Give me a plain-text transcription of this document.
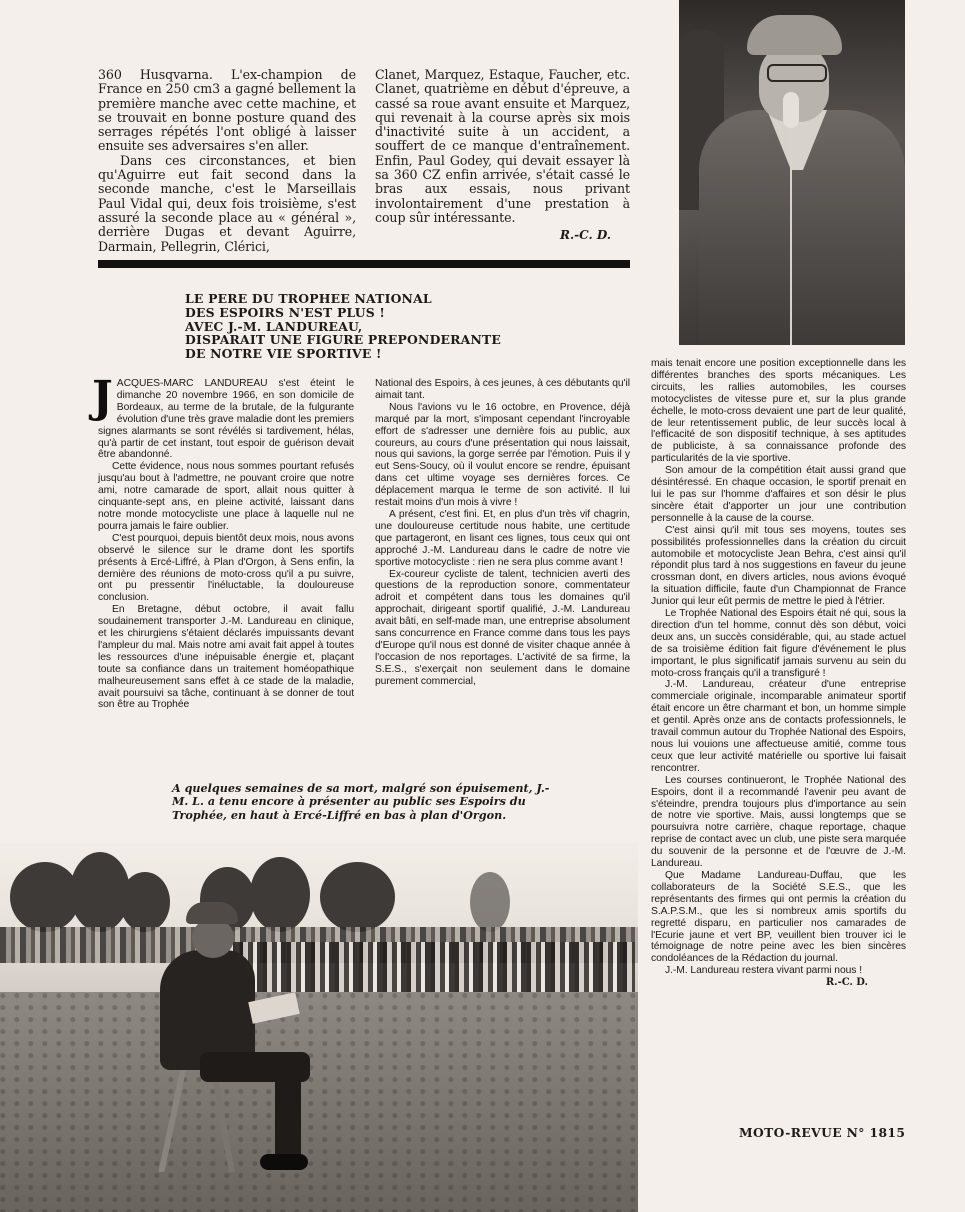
360 Husqvarna. L'ex-champion de France en 250 cm3 a gagné bellement la première manche avec cette machine, et se trouvait en bonne posture quand des serrages répétés l'ont obligé à laisser ensuite ses adversaires s'en aller.

Dans ces circonstances, et bien qu'Aguirre eut fait second dans la seconde manche, c'est le Marseillais Paul Vidal qui, deux fois troisième, s'est assuré la seconde place au « général », derrière Dugas et devant Aguirre, Darmain, Pellegrin, Clérici,

Clanet, Marquez, Estaque, Faucher, etc. Clanet, quatrième en début d'épreuve, a cassé sa roue avant ensuite et Marquez, qui revenait à la course après six mois d'inactivité suite à un accident, a souffert de ce manque d'entraînement. Enfin, Paul Godey, qui devait essayer là sa 360 CZ enfin arrivée, s'était cassé le bras aux essais, nous privant involontairement d'une prestation à coup sûr intéressante.

R.-C. D.
LE PERE DU TROPHEE NATIONAL
DES ESPOIRS N'EST PLUS !
AVEC J.-M. LANDUREAU,
DISPARAIT UNE FIGURE PREPONDERANTE
DE NOTRE VIE SPORTIVE !

JACQUES-MARC LANDUREAU s'est éteint le dimanche 20 novembre 1966, en son domicile de Bordeaux, au terme de la brutale, de la fulgurante évolution d'une très grave maladie dont les premiers signes alarmants se sont révélés si tardivement, hélas, qu'à partir de cet instant, tout espoir de guérison devait être abandonné.

Cette évidence, nous nous sommes pourtant refusés jusqu'au bout à l'admettre, ne pouvant croire que notre ami, notre camarade de sport, allait nous quitter à cinquante-sept ans, en pleine activité, laissant dans notre monde motocycliste une place à laquelle nul ne pourra jamais le faire oublier.

C'est pourquoi, depuis bientôt deux mois, nous avons observé le silence sur le drame dont les sportifs présents à Ercé-Liffré, à Plan d'Orgon, à Sens enfin, la dernière des réunions de moto-cross qu'il a pu suivre, ont pu pressentir l'inéluctable, la douloureuse conclusion.

En Bretagne, début octobre, il avait fallu soudainement transporter J.-M. Landureau en clinique, et les chirurgiens s'étaient déclarés impuissants devant l'ampleur du mal. Mais notre ami avait fait appel à toutes les ressources d'une inépuisable énergie et, plaçant toute sa confiance dans un traitement homéopathique malheureusement sans effet à ce stade de la maladie, avait poursuivi sa tâche, continuant à se donner de tout son être au Trophée

National des Espoirs, à ces jeunes, à ces débutants qu'il aimait tant.

Nous l'avions vu le 16 octobre, en Provence, déjà marqué par la mort, s'imposant cependant l'incroyable effort de s'adresser une dernière fois au public, aux coureurs, au cours d'une présentation qui nous laissait, nous qui savions, la gorge serrée par l'émotion. Puis il y eut Sens-Soucy, où il voulut encore se rendre, épuisant dans cet ultime voyage ses dernières forces. Ce déplacement marqua le terme de son activité. Il lui restait moins d'un mois à vivre !

A présent, c'est fini. Et, en plus d'un très vif chagrin, une douloureuse certitude nous habite, une certitude que partageront, en lisant ces lignes, tous ceux qui ont approché J.-M. Landureau dans le cadre de notre vie sportive motocycliste : rien ne sera plus comme avant !

Ex-coureur cycliste de talent, technicien averti des questions de la reproduction sonore, commentateur adroit et compétent dans tous les domaines qu'il approchait, dirigeant sportif qualifié, J.-M. Landureau avait bâti, en self-made man, une entreprise absolument sans concurrence en France comme dans tous les pays d'Europe qu'il nous est donné de visiter chaque année à l'occasion de nos reportages. L'activité de sa firme, la S.E.S., s'exerçait non seulement dans le domaine purement commercial,

mais tenait encore une position exceptionnelle dans les différentes branches des sports mécaniques. Les circuits, les rallies automobiles, les courses motocyclistes de vitesse pure et, sur la plus grande échelle, le moto-cross devaient une part de leur qualité, de leur retentissement public, de leur succès local à l'efficacité de son dispositif technique, à ses aptitudes de publiciste, à sa connaissance profonde des particularités de la vie sportive.

Son amour de la compétition était aussi grand que désintéressé. En chaque occasion, le sportif prenait en lui le pas sur l'homme d'affaires et son désir le plus sincère était d'apporter un jour une contribution personnelle à la cause de la course.

C'est ainsi qu'il mit tous ses moyens, toutes ses possibilités professionnelles dans la création du circuit automobile et motocycliste Jean Behra, c'est ainsi qu'il répondit plus tard à nos suggestions en faveur du jeune crossman dont, en divers articles, nous avions évoqué la situation difficile, faute d'un Championnat de France Junior qui leur eût permis de mettre le pied à l'étrier.

Le Trophée National des Espoirs était né qui, sous la direction d'un tel homme, connut dès son début, voici deux ans, un succès considérable, qui, au stade actuel de sa troisième édition fait figure d'événement le plus important, le plus significatif jamais survenu au sein du moto-cross français qu'il a transfiguré !

J.-M. Landureau, créateur d'une entreprise commerciale originale, incomparable animateur sportif était encore un être charmant et bon, un homme simple et gentil. Après onze ans de contacts professionnels, le travail commun autour du Trophée National des Espoirs, nous lui vouions une affectueuse amitié, comme tous ceux que leur activité matérielle ou sportive lui faisait rencontrer.

Les courses continueront, le Trophée National des Espoirs, dont il a recommandé l'avenir peu avant de s'éteindre, prendra toujours plus d'importance au sein de notre vie sportive. Mais, aussi longtemps que se poursuivra notre carrière, chaque reportage, chaque reprise de contact avec un club, une piste sera marquée du souvenir de la personne et de l'œuvre de J.-M. Landureau.

Que Madame Landureau-Duffau, que les collaborateurs de la Société S.E.S., que les représentants des firmes qui ont permis la création du S.A.P.S.M., que les si nombreux amis sportifs du regretté disparu, en particulier nos camarades de l'Ecurie jaune et vert BP, veuillent bien trouver ici le témoignage de notre peine avec les bien sincères condoléances de la Rédaction du journal.

J.-M. Landureau restera vivant parmi nous !

R.-C. D.

A quelques semaines de sa mort, malgré son épuisement, J.-M. L. a tenu encore à présenter au public ses Espoirs du Trophée, en haut à Ercé-Liffré en bas à plan d'Orgon.

MOTO-REVUE N° 1815
